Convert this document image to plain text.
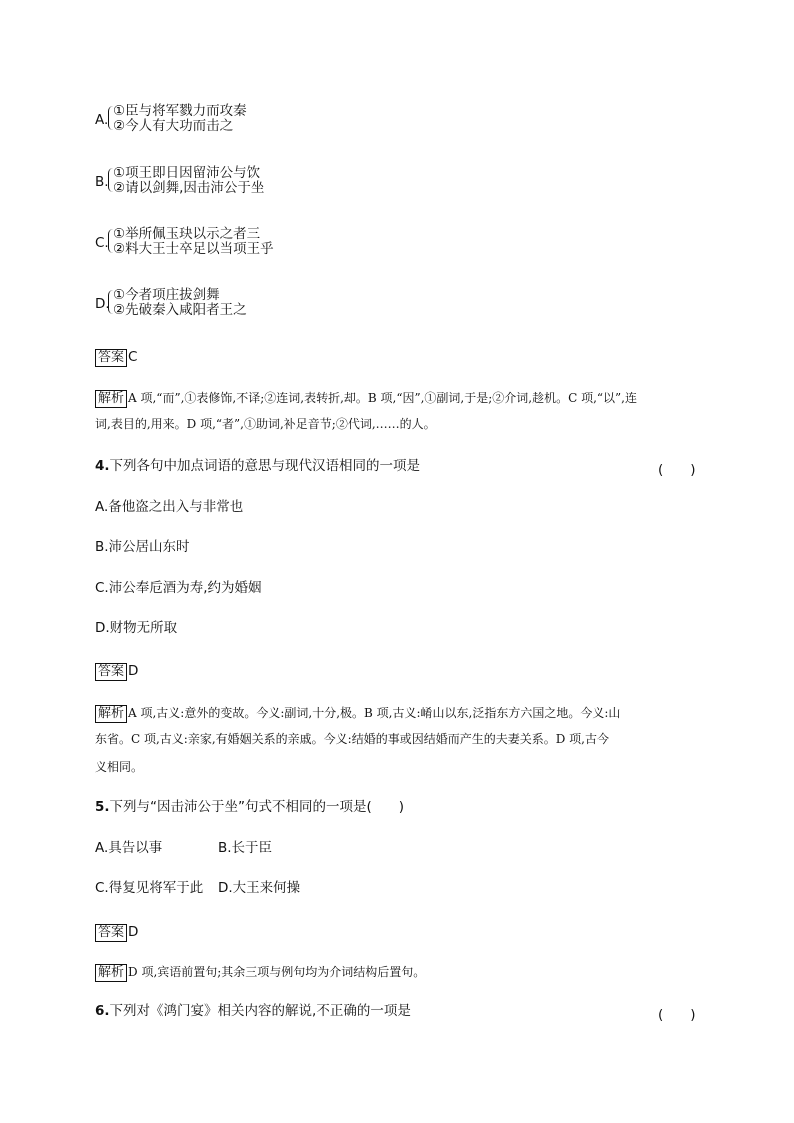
A.
①臣与将军戮力而攻秦
②今人有大功而击之
B.
①项王即日因留沛公与饮
②请以剑舞,因击沛公于坐
C.
①举所佩玉玦以示之者三
②料大王士卒足以当项王乎
D.
①今者项庄拔剑舞
②先破秦入咸阳者王之
答案 C
解析 A 项,“而”,①表修饰,不译;②连词,表转折,却。B 项,“因”,①副词,于是;②介词,趁机。C 项,“以”,连
词,表目的,用来。D 项,“者”,①助词,补足音节;②代词,……的人。
4.下列各句中加点词语的意思与现代汉语相同的一项是	(　　)
A.备他盗之出入与非常也
B.沛公居山东时
C.沛公奉卮酒为寿,约为婚姻
D.财物无所取
答案 D
解析 A 项,古义:意外的变故。今义:副词,十分,极。B 项,古义:崤山以东,泛指东方六国之地。今义:山
东省。C 项,古义:亲家,有婚姻关系的亲戚。今义:结婚的事或因结婚而产生的夫妻关系。D 项,古今
义相同。
5.下列与“因击沛公于坐”句式不相同的一项是(　　)
A.具告以事	B.长于臣
C.得复见将军于此 D.大王来何操
答案 D
解析 D 项,宾语前置句;其余三项与例句均为介词结构后置句。
6.下列对《鸿门宴》相关内容的解说,不正确的一项是	(　　)
